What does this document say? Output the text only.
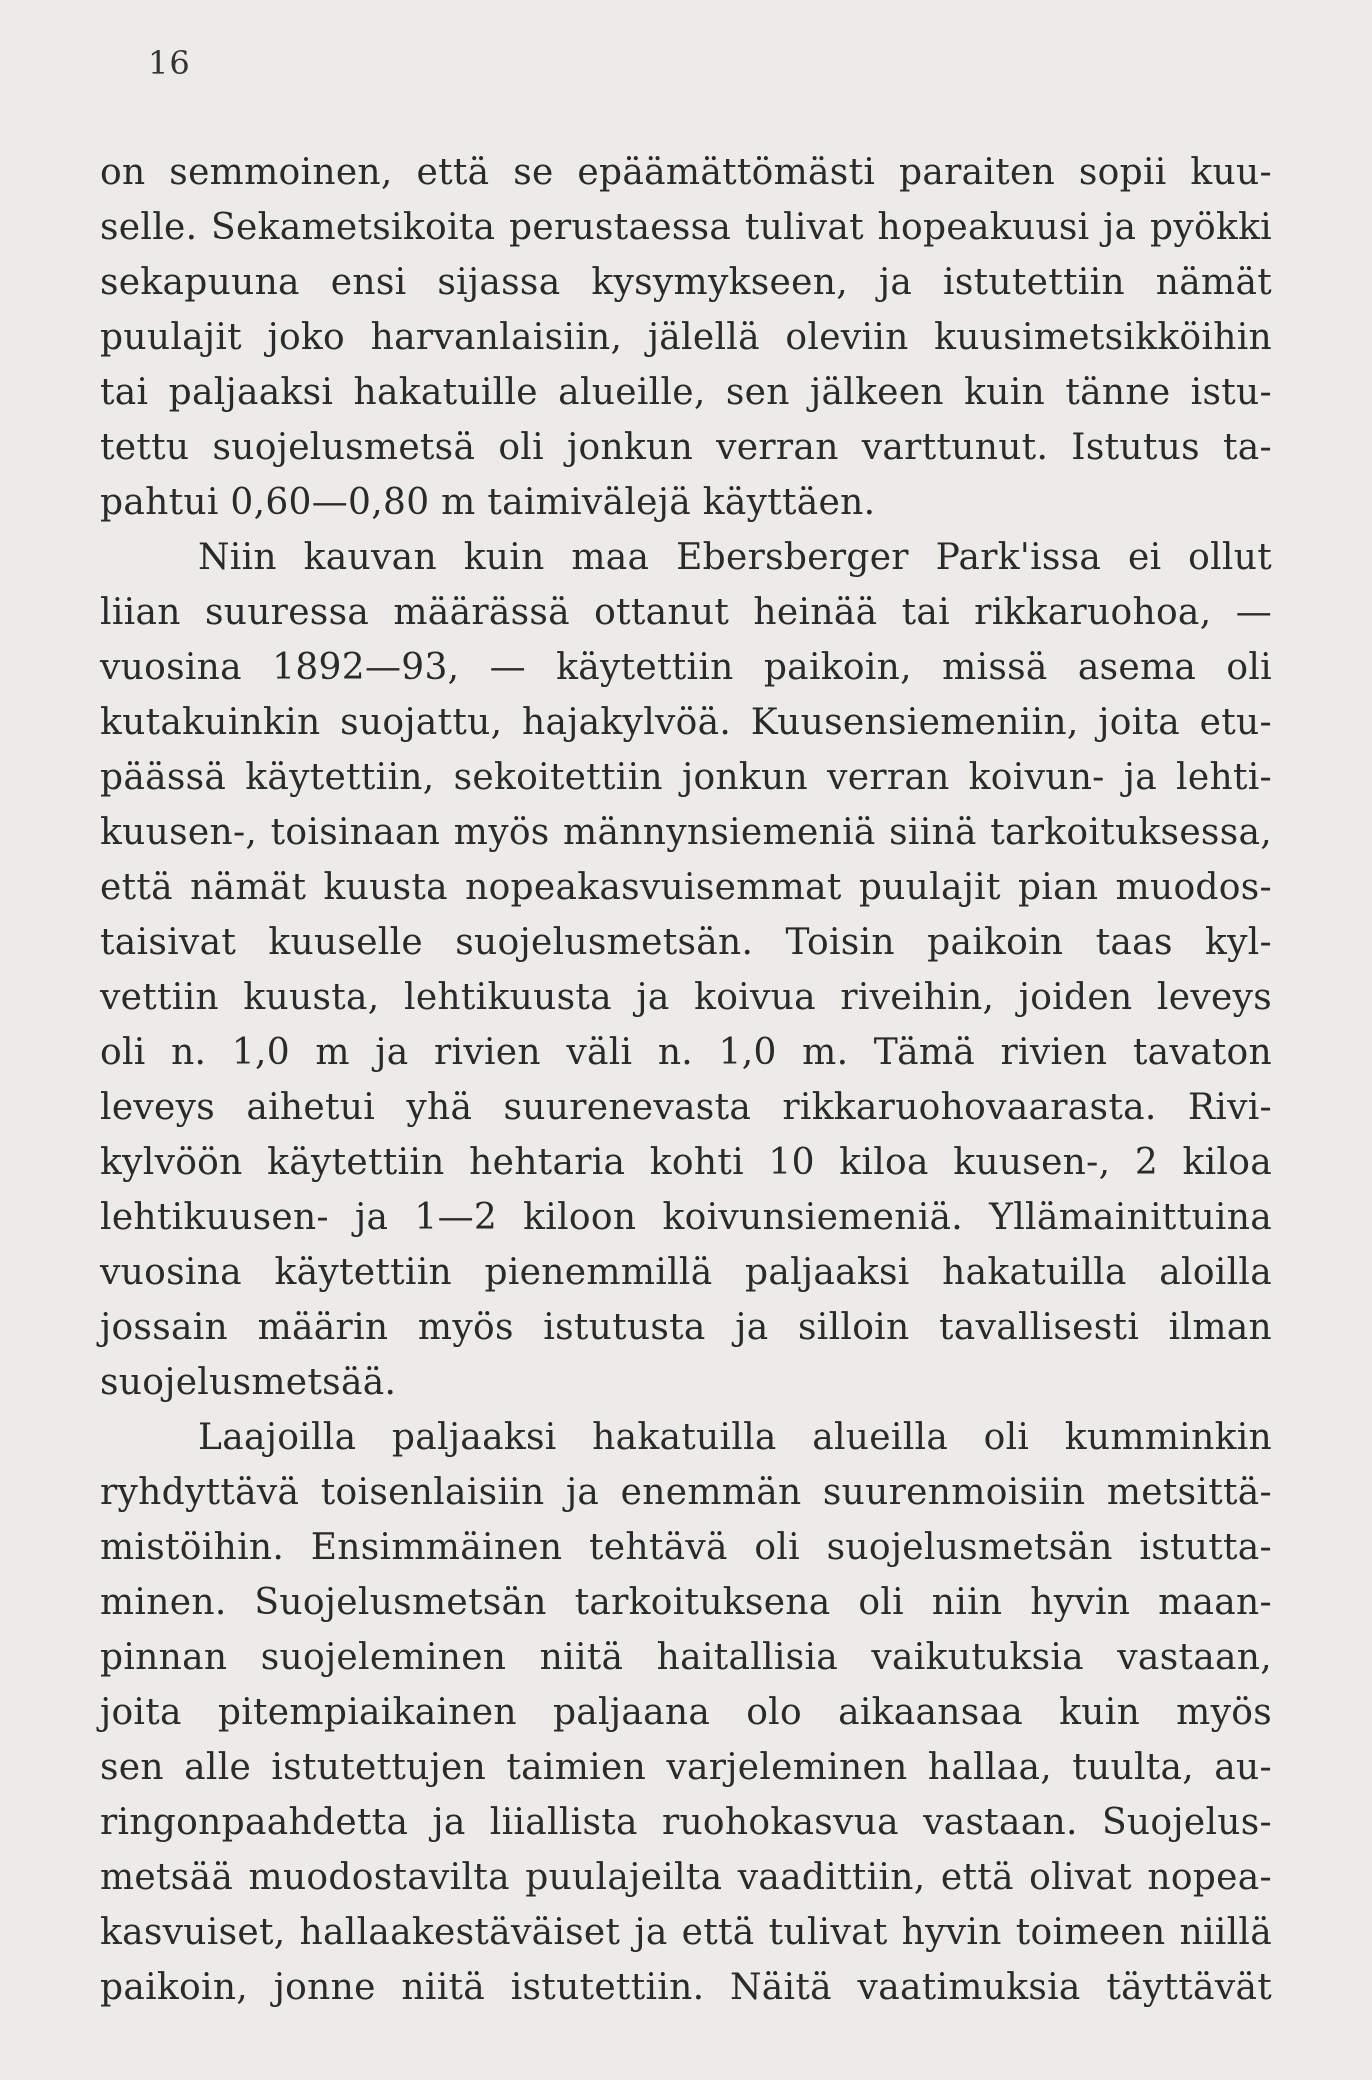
16
on semmoinen, että se epäämättömästi paraiten sopii kuu-
selle. Sekametsikoita perustaessa tulivat hopeakuusi ja pyökki
sekapuuna ensi sijassa kysymykseen, ja istutettiin nämät
puulajit joko harvanlaisiin, jälellä oleviin kuusimetsikköihin
tai paljaaksi hakatuille alueille, sen jälkeen kuin tänne istu-
tettu suojelusmetsä oli jonkun verran varttunut. Istutus ta-
pahtui 0,60—0,80 m taimivälejä käyttäen.
Niin kauvan kuin maa Ebersberger Park'issa ei ollut
liian suuressa määrässä ottanut heinää tai rikkaruohoa, —
vuosina 1892—93, — käytettiin paikoin, missä asema oli
kutakuinkin suojattu, hajakylvöä. Kuusensiemeniin, joita etu-
päässä käytettiin, sekoitettiin jonkun verran koivun- ja lehti-
kuusen-, toisinaan myös männynsiemeniä siinä tarkoituksessa,
että nämät kuusta nopeakasvuisemmat puulajit pian muodos-
taisivat kuuselle suojelusmetsän. Toisin paikoin taas kyl-
vettiin kuusta, lehtikuusta ja koivua riveihin, joiden leveys
oli n. 1,0 m ja rivien väli n. 1,0 m. Tämä rivien tavaton
leveys aihetui yhä suurenevasta rikkaruohovaarasta. Rivi-
kylvöön käytettiin hehtaria kohti 10 kiloa kuusen-, 2 kiloa
lehtikuusen- ja 1—2 kiloon koivunsiemeniä. Yllämainittuina
vuosina käytettiin pienemmillä paljaaksi hakatuilla aloilla
jossain määrin myös istutusta ja silloin tavallisesti ilman
suojelusmetsää.
Laajoilla paljaaksi hakatuilla alueilla oli kumminkin
ryhdyttävä toisenlaisiin ja enemmän suurenmoisiin metsittä-
mistöihin. Ensimmäinen tehtävä oli suojelusmetsän istutta-
minen. Suojelusmetsän tarkoituksena oli niin hyvin maan-
pinnan suojeleminen niitä haitallisia vaikutuksia vastaan,
joita pitempiaikainen paljaana olo aikaansaa kuin myös
sen alle istutettujen taimien varjeleminen hallaa, tuulta, au-
ringonpaahdetta ja liiallista ruohokasvua vastaan. Suojelus-
metsää muodostavilta puulajeilta vaadittiin, että olivat nopea-
kasvuiset, hallaakestäväiset ja että tulivat hyvin toimeen niillä
paikoin, jonne niitä istutettiin. Näitä vaatimuksia täyttävät
